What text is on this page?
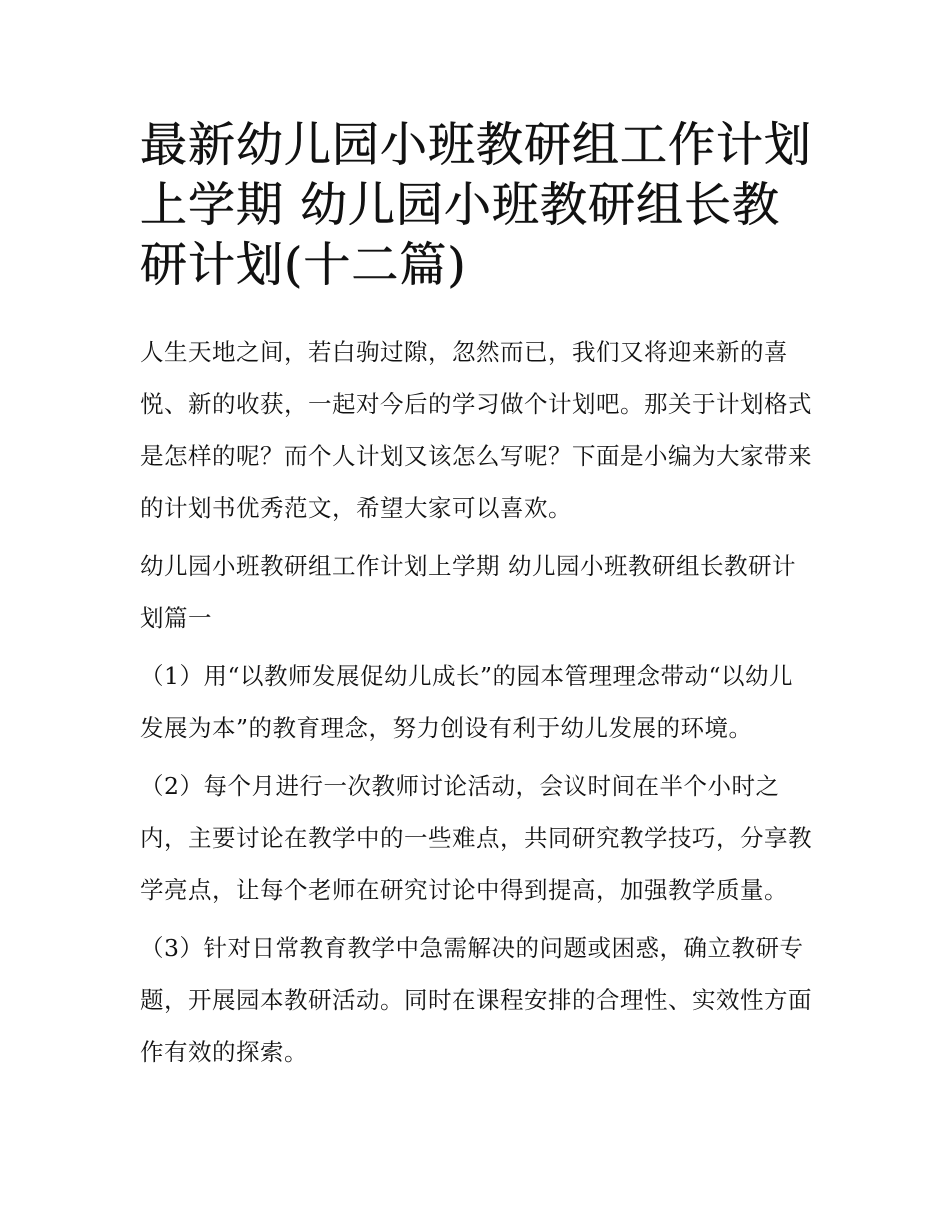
最新幼儿园小班教研组工作计划上学期 幼儿园小班教研组长教研计划(十二篇)

人生天地之间，若白驹过隙，忽然而已，我们又将迎来新的喜悦、新的收获，一起对今后的学习做个计划吧。那关于计划格式是怎样的呢？而个人计划又该怎么写呢？下面是小编为大家带来的计划书优秀范文，希望大家可以喜欢。

幼儿园小班教研组工作计划上学期 幼儿园小班教研组长教研计划篇一

（1）用“以教师发展促幼儿成长”的园本管理理念带动“以幼儿发展为本”的教育理念，努力创设有利于幼儿发展的环境。

（2）每个月进行一次教师讨论活动，会议时间在半个小时之内，主要讨论在教学中的一些难点，共同研究教学技巧，分享教学亮点，让每个老师在研究讨论中得到提高，加强教学质量。

（3）针对日常教育教学中急需解决的问题或困惑，确立教研专题，开展园本教研活动。同时在课程安排的合理性、实效性方面作有效的探索。
